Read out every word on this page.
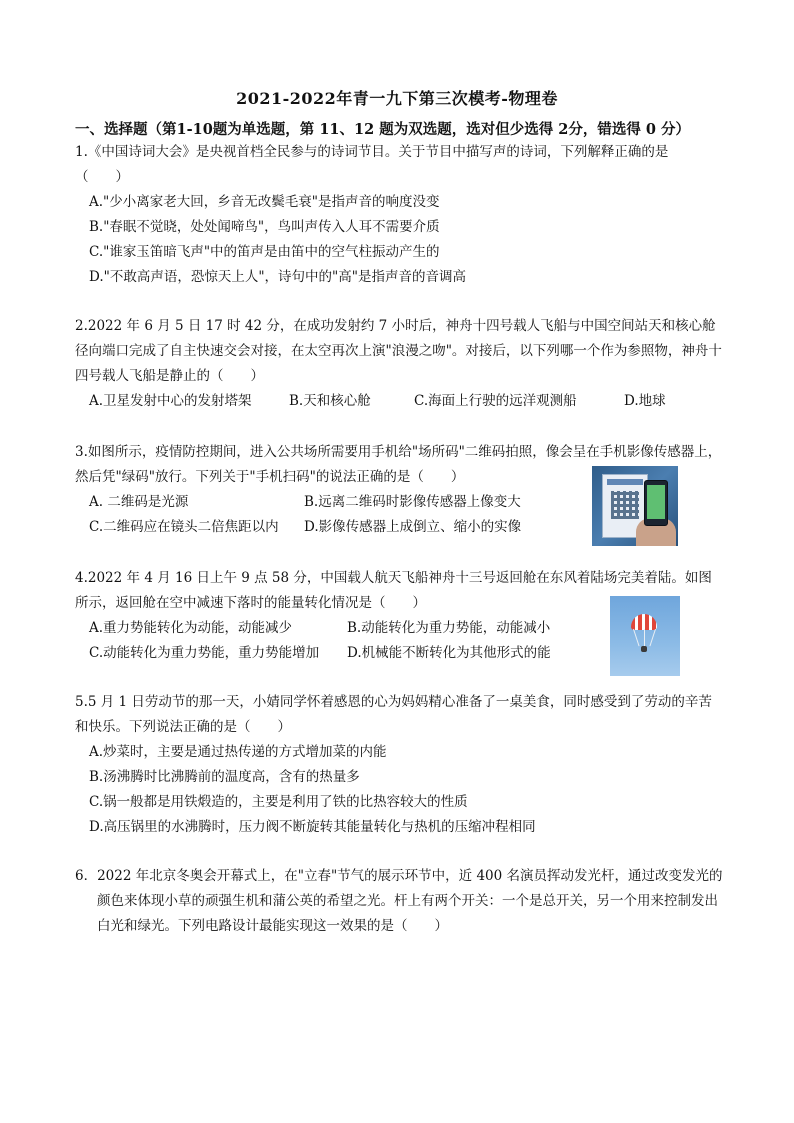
2021-2022年青一九下第三次模考-物理卷
一、选择题（第1-10题为单选题，第 11、12 题为双选题，选对但少选得 2分，错选得 0 分）
1.《中国诗词大会》是央视首档全民参与的诗词节目。关于节目中描写声的诗词，下列解释正确的是
（　　）
A."少小离家老大回，乡音无改鬓毛衰"是指声音的响度没变
B."春眠不觉晓，处处闻啼鸟"，鸟叫声传入人耳不需要介质
C."谁家玉笛暗飞声"中的笛声是由笛中的空气柱振动产生的
D."不敢高声语，恐惊天上人"，诗句中的"高"是指声音的音调高
2.2022 年 6 月 5 日 17 时 42 分，在成功发射约 7 小时后，神舟十四号载人飞船与中国空间站天和核心舱径向端口完成了自主快速交会对接，在太空再次上演"浪漫之吻"。对接后，以下列哪一个作为参照物，神舟十四号载人飞船是静止的（　　）
A.卫星发射中心的发射塔架	B.天和核心舱	C.海面上行驶的远洋观测船	D.地球
3.如图所示，疫情防控期间，进入公共场所需要用手机给"场所码"二维码拍照，像会呈在手机影像传感器上，然后凭"绿码"放行。下列关于"手机扫码"的说法正确的是（　　）
A. 二维码是光源	B.远离二维码时影像传感器上像变大
C.二维码应在镜头二倍焦距以内	D.影像传感器上成倒立、缩小的实像
4.2022 年 4 月 16 日上午 9 点 58 分，中国载人航天飞船神舟十三号返回舱在东风着陆场完美着陆。如图所示，返回舱在空中减速下落时的能量转化情况是（　　）
A.重力势能转化为动能，动能减少	B.动能转化为重力势能，动能减小
C.动能转化为重力势能，重力势能增加	D.机械能不断转化为其他形式的能
5.5 月 1 日劳动节的那一天，小婧同学怀着感恩的心为妈妈精心准备了一桌美食，同时感受到了劳动的辛苦和快乐。下列说法正确的是（　　）
A.炒菜时，主要是通过热传递的方式增加菜的内能
B.汤沸腾时比沸腾前的温度高，含有的热量多
C.锅一般都是用铁煅造的，主要是利用了铁的比热容较大的性质
D.高压锅里的水沸腾时，压力阀不断旋转其能量转化与热机的压缩冲程相同
6．2022 年北京冬奥会开幕式上，在"立春"节气的展示环节中，近 400 名演员挥动发光杆，通过改变发光的颜色来体现小草的顽强生机和蒲公英的希望之光。杆上有两个开关：一个是总开关，另一个用来控制发出白光和绿光。下列电路设计最能实现这一效果的是（　　）
